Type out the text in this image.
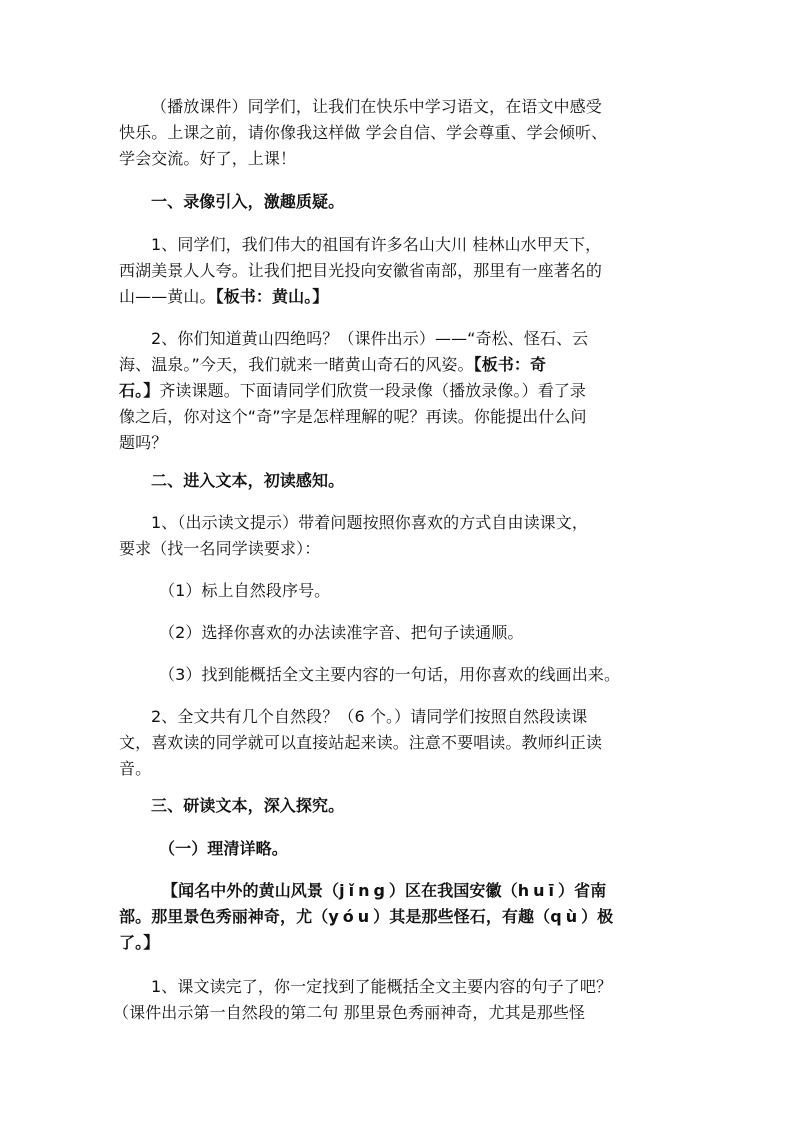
（播放课件）同学们，让我们在快乐中学习语文，在语文中感受
快乐。上课之前，请你像我这样做 学会自信、学会尊重、学会倾听、
学会交流。好了，上课！
一、录像引入，激趣质疑。
1、同学们，我们伟大的祖国有许多名山大川 桂林山水甲天下，
西湖美景人人夸。让我们把目光投向安徽省南部，那里有一座著名的
山——黄山。【板书：黄山。】
2、你们知道黄山四绝吗？（课件出示）——“奇松、怪石、云
海、温泉。”今天，我们就来一睹黄山奇石的风姿。【板书：奇
石。】齐读课题。下面请同学们欣赏一段录像（播放录像。）看了录
像之后，你对这个“奇”字是怎样理解的呢？再读。你能提出什么问
题吗？
二、进入文本，初读感知。
1、（出示读文提示）带着问题按照你喜欢的方式自由读课文，
要求（找一名同学读要求）：
（1）标上自然段序号。
（2）选择你喜欢的办法读准字音、把句子读通顺。
（3）找到能概括全文主要内容的一句话，用你喜欢的线画出来。
2、全文共有几个自然段？（6 个。）请同学们按照自然段读课
文，喜欢读的同学就可以直接站起来读。注意不要唱读。教师纠正读
音。
三、研读文本，深入探究。
（一）理清详略。
【闻名中外的黄山风景（jǐng）区在我国安徽（huī）省南
部。那里景色秀丽神奇，尤（yóu）其是那些怪石，有趣（qù）极
了。】
1、课文读完了，你一定找到了能概括全文主要内容的句子了吧？
（课件出示第一自然段的第二句 那里景色秀丽神奇，尤其是那些怪
